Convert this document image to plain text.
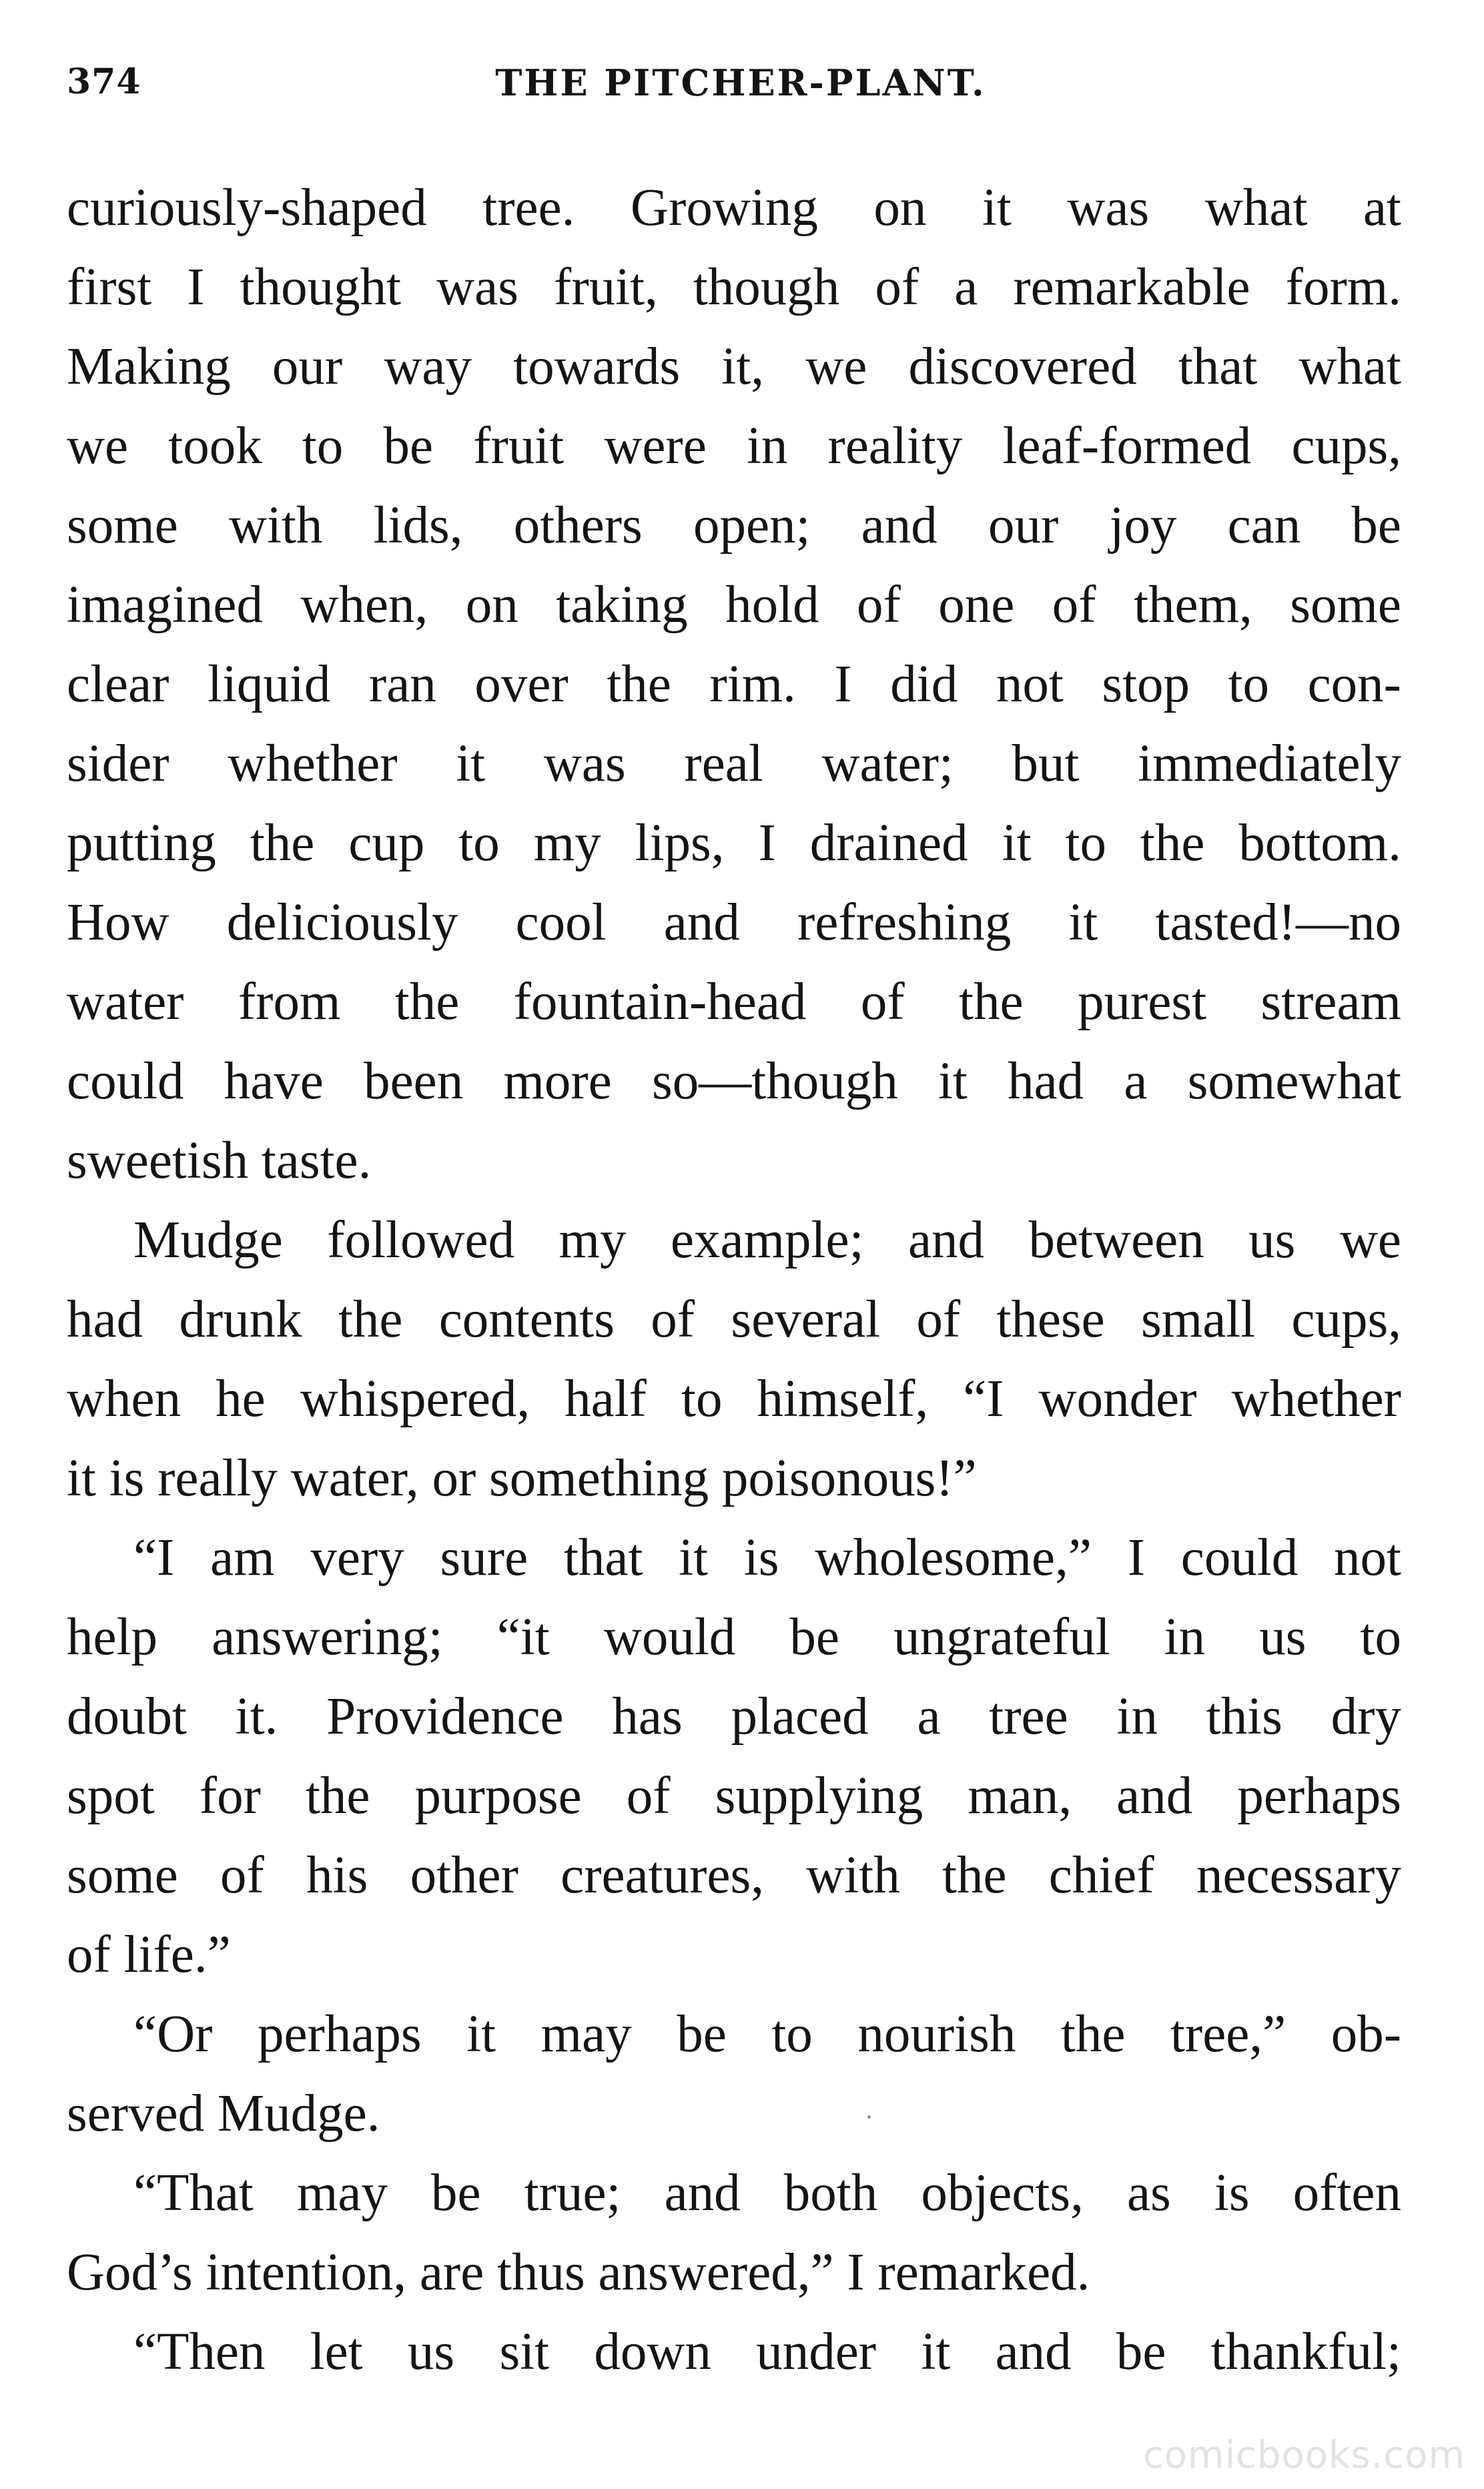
374	THE PITCHER-PLANT.
curiously-shaped tree. Growing on it was what at
first I thought was fruit, though of a remarkable form.
Making our way towards it, we discovered that what
we took to be fruit were in reality leaf-formed cups,
some with lids, others open; and our joy can be
imagined when, on taking hold of one of them, some
clear liquid ran over the rim. I did not stop to con-
sider whether it was real water; but immediately
putting the cup to my lips, I drained it to the bottom.
How deliciously cool and refreshing it tasted!—no
water from the fountain-head of the purest stream
could have been more so—though it had a somewhat
sweetish taste.
Mudge followed my example; and between us we
had drunk the contents of several of these small cups,
when he whispered, half to himself, “I wonder whether
it is really water, or something poisonous!”
“I am very sure that it is wholesome,” I could not
help answering; “it would be ungrateful in us to
doubt it. Providence has placed a tree in this dry
spot for the purpose of supplying man, and perhaps
some of his other creatures, with the chief necessary
of life.”
“Or perhaps it may be to nourish the tree,” ob-
served Mudge.
“That may be true; and both objects, as is often
God’s intention, are thus answered,” I remarked.
“Then let us sit down under it and be thankful;
comicbooks.com
